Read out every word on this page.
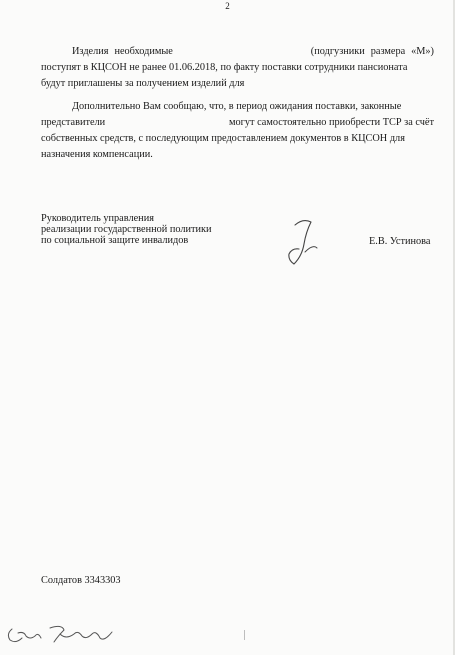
2
Изделия необходимые	(подгузники размера «М»)
поступят в КЦСОН не ранее 01.06.2018, по факту поставки сотрудники пансионата
будут приглашены за получением изделий для
Дополнительно Вам сообщаю, что, в период ожидания поставки, законные
представители	могут самостоятельно приобрести ТСР за счёт
собственных средств, с последующим предоставлением документов в КЦСОН для
назначения компенсации.
Руководитель управления
реализации государственной политики
по социальной защите инвалидов	Е.В. Устинова
Солдатов 3343303
